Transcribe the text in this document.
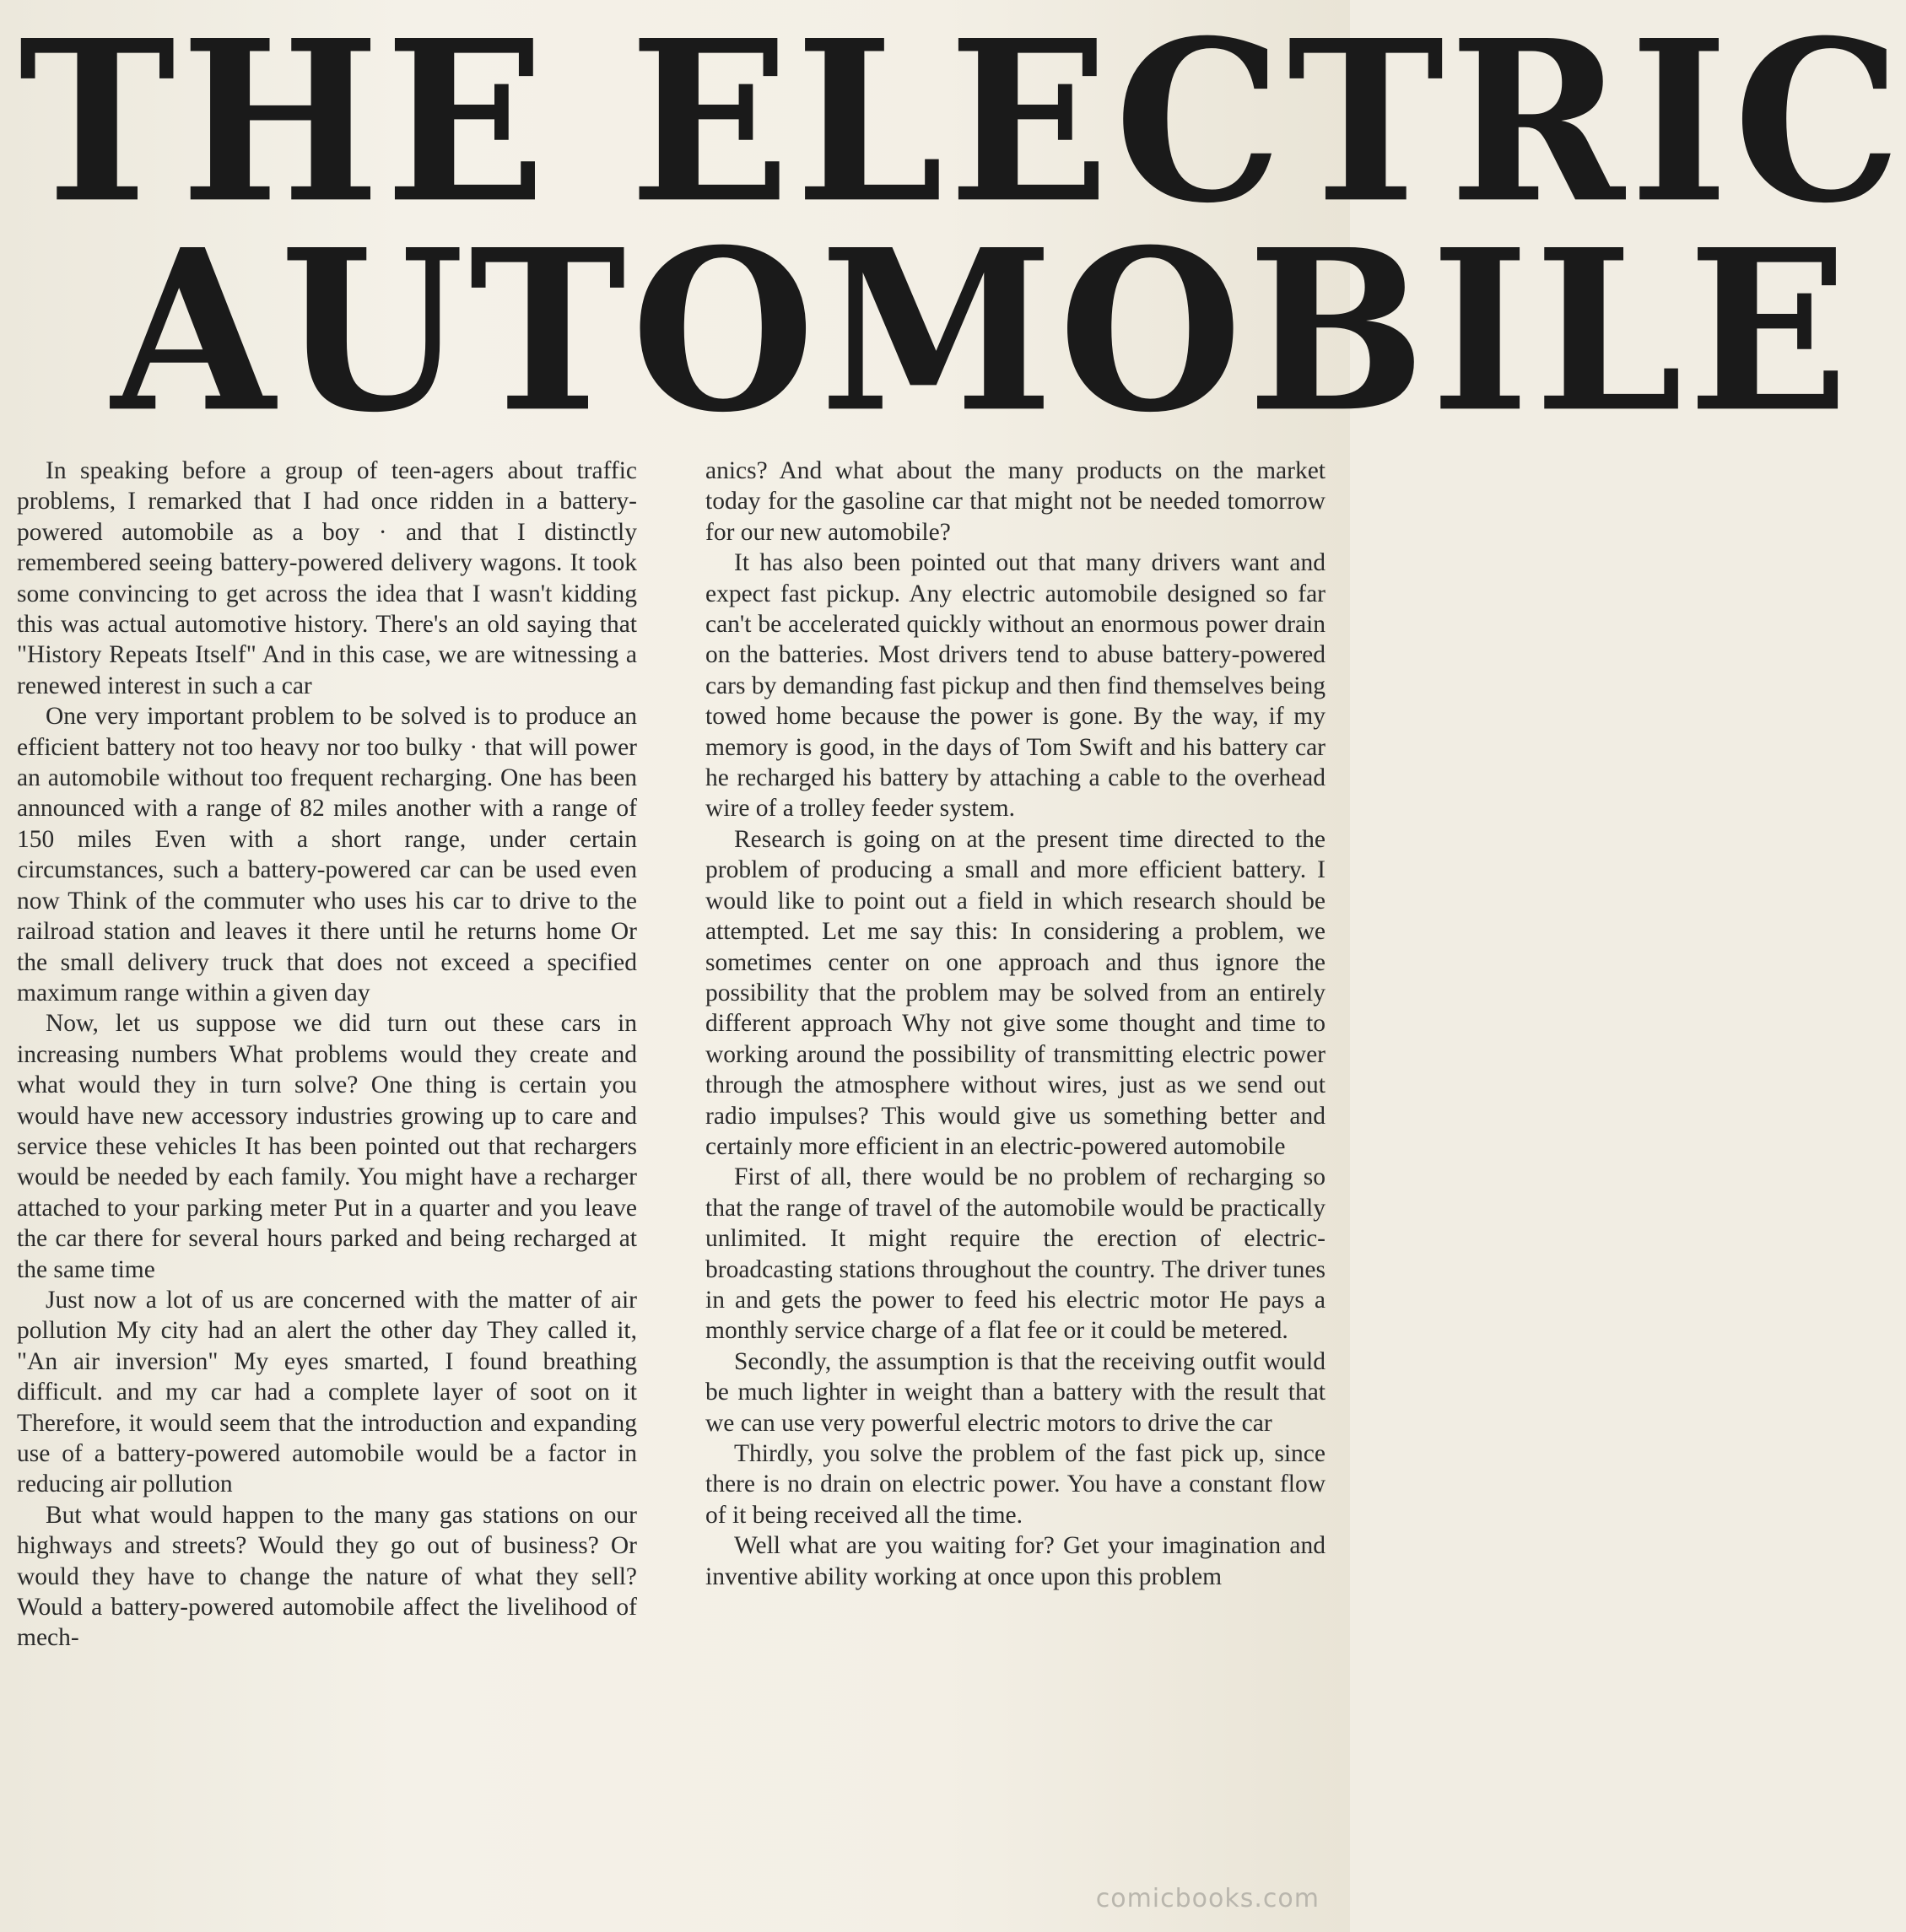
THE ELECTRIC
AUTOMOBILE

In speaking before a group of teen-agers about traffic problems, I remarked that I had once ridden in a battery-powered automobile as a boy · and that I distinctly remembered seeing battery-powered delivery wagons. It took some convincing to get across the idea that I wasn't kidding this was actual automotive history. There's an old saying that "History Repeats Itself" And in this case, we are witnessing a renewed interest in such a car

One very important problem to be solved is to produce an efficient battery not too heavy nor too bulky · that will power an automobile without too frequent recharging. One has been announced with a range of 82 miles another with a range of 150 miles Even with a short range, under certain circumstances, such a battery-powered car can be used even now Think of the commuter who uses his car to drive to the railroad station and leaves it there until he returns home Or the small delivery truck that does not exceed a specified maximum range within a given day

Now, let us suppose we did turn out these cars in increasing numbers What problems would they create and what would they in turn solve? One thing is certain you would have new accessory industries growing up to care and service these vehicles It has been pointed out that rechargers would be needed by each family. You might have a recharger attached to your parking meter Put in a quarter and you leave the car there for several hours parked and being recharged at the same time

Just now a lot of us are concerned with the matter of air pollution My city had an alert the other day They called it, "An air inversion" My eyes smarted, I found breathing difficult. and my car had a complete layer of soot on it Therefore, it would seem that the introduction and expanding use of a battery-powered automobile would be a factor in reducing air pollution

But what would happen to the many gas stations on our highways and streets? Would they go out of business? Or would they have to change the nature of what they sell? Would a battery-powered automobile affect the livelihood of mech-

anics? And what about the many products on the market today for the gasoline car that might not be needed tomorrow for our new automobile?

It has also been pointed out that many drivers want and expect fast pickup. Any electric automobile designed so far can't be accelerated quickly without an enormous power drain on the batteries. Most drivers tend to abuse battery-powered cars by demanding fast pickup and then find themselves being towed home because the power is gone. By the way, if my memory is good, in the days of Tom Swift and his battery car he recharged his battery by attaching a cable to the overhead wire of a trolley feeder system.

Research is going on at the present time directed to the problem of producing a small and more efficient battery. I would like to point out a field in which research should be attempted. Let me say this: In considering a problem, we sometimes center on one approach and thus ignore the possibility that the problem may be solved from an entirely different approach Why not give some thought and time to working around the possibility of transmitting electric power through the atmosphere without wires, just as we send out radio impulses? This would give us something better and certainly more efficient in an electric-powered automobile

First of all, there would be no problem of recharging so that the range of travel of the automobile would be practically unlimited. It might require the erection of electric-broadcasting stations throughout the country. The driver tunes in and gets the power to feed his electric motor He pays a monthly service charge of a flat fee or it could be metered.

Secondly, the assumption is that the receiving outfit would be much lighter in weight than a battery with the result that we can use very powerful electric motors to drive the car

Thirdly, you solve the problem of the fast pick up, since there is no drain on electric power. You have a constant flow of it being received all the time.

Well what are you waiting for? Get your imagination and inventive ability working at once upon this problem

comicbooks.com
